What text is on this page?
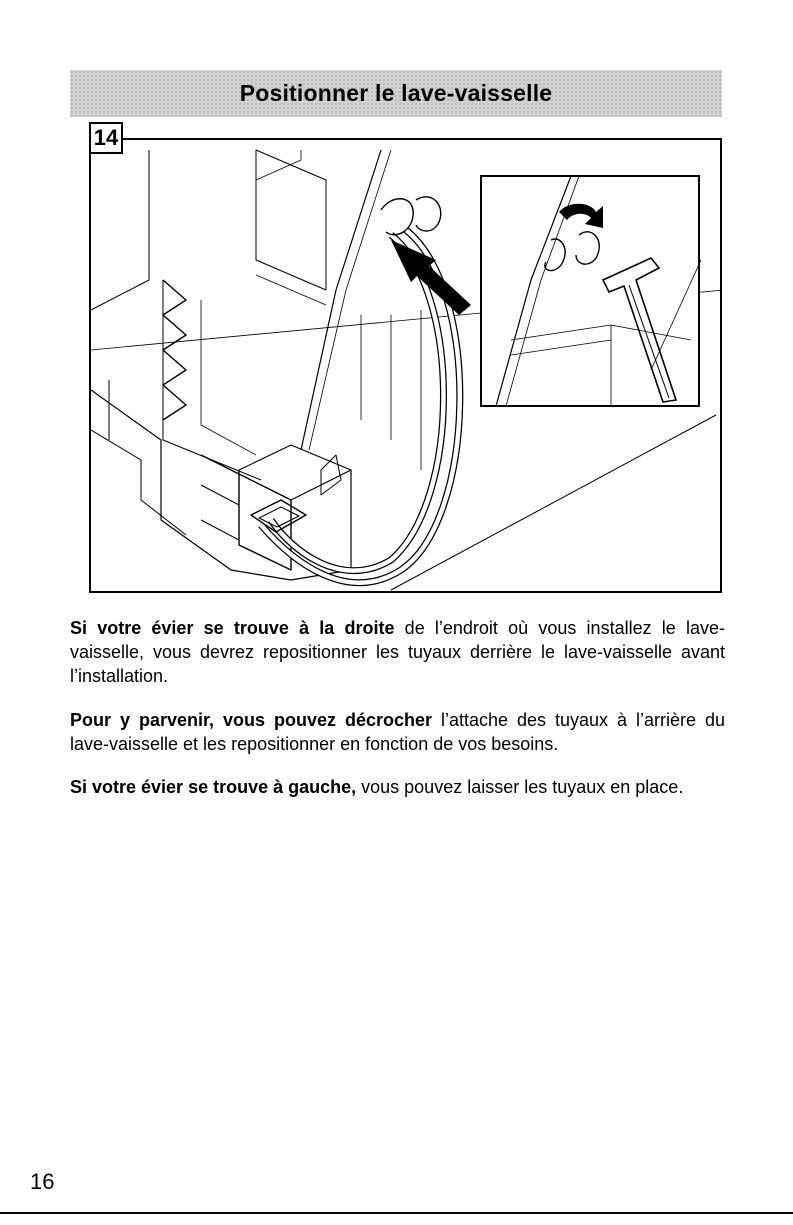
Positionner le lave-vaisselle
14

Si votre évier se trouve à la droite de l’endroit où vous installez le lave-vaisselle, vous devrez repositionner les tuyaux derrière le lave-vaisselle avant l’installation.

Pour y parvenir, vous pouvez décrocher l’attache des tuyaux à l’arrière du lave-vaisselle et les repositionner en fonction de vos besoins.

Si votre évier se trouve à gauche, vous pouvez laisser les tuyaux en place.

16
